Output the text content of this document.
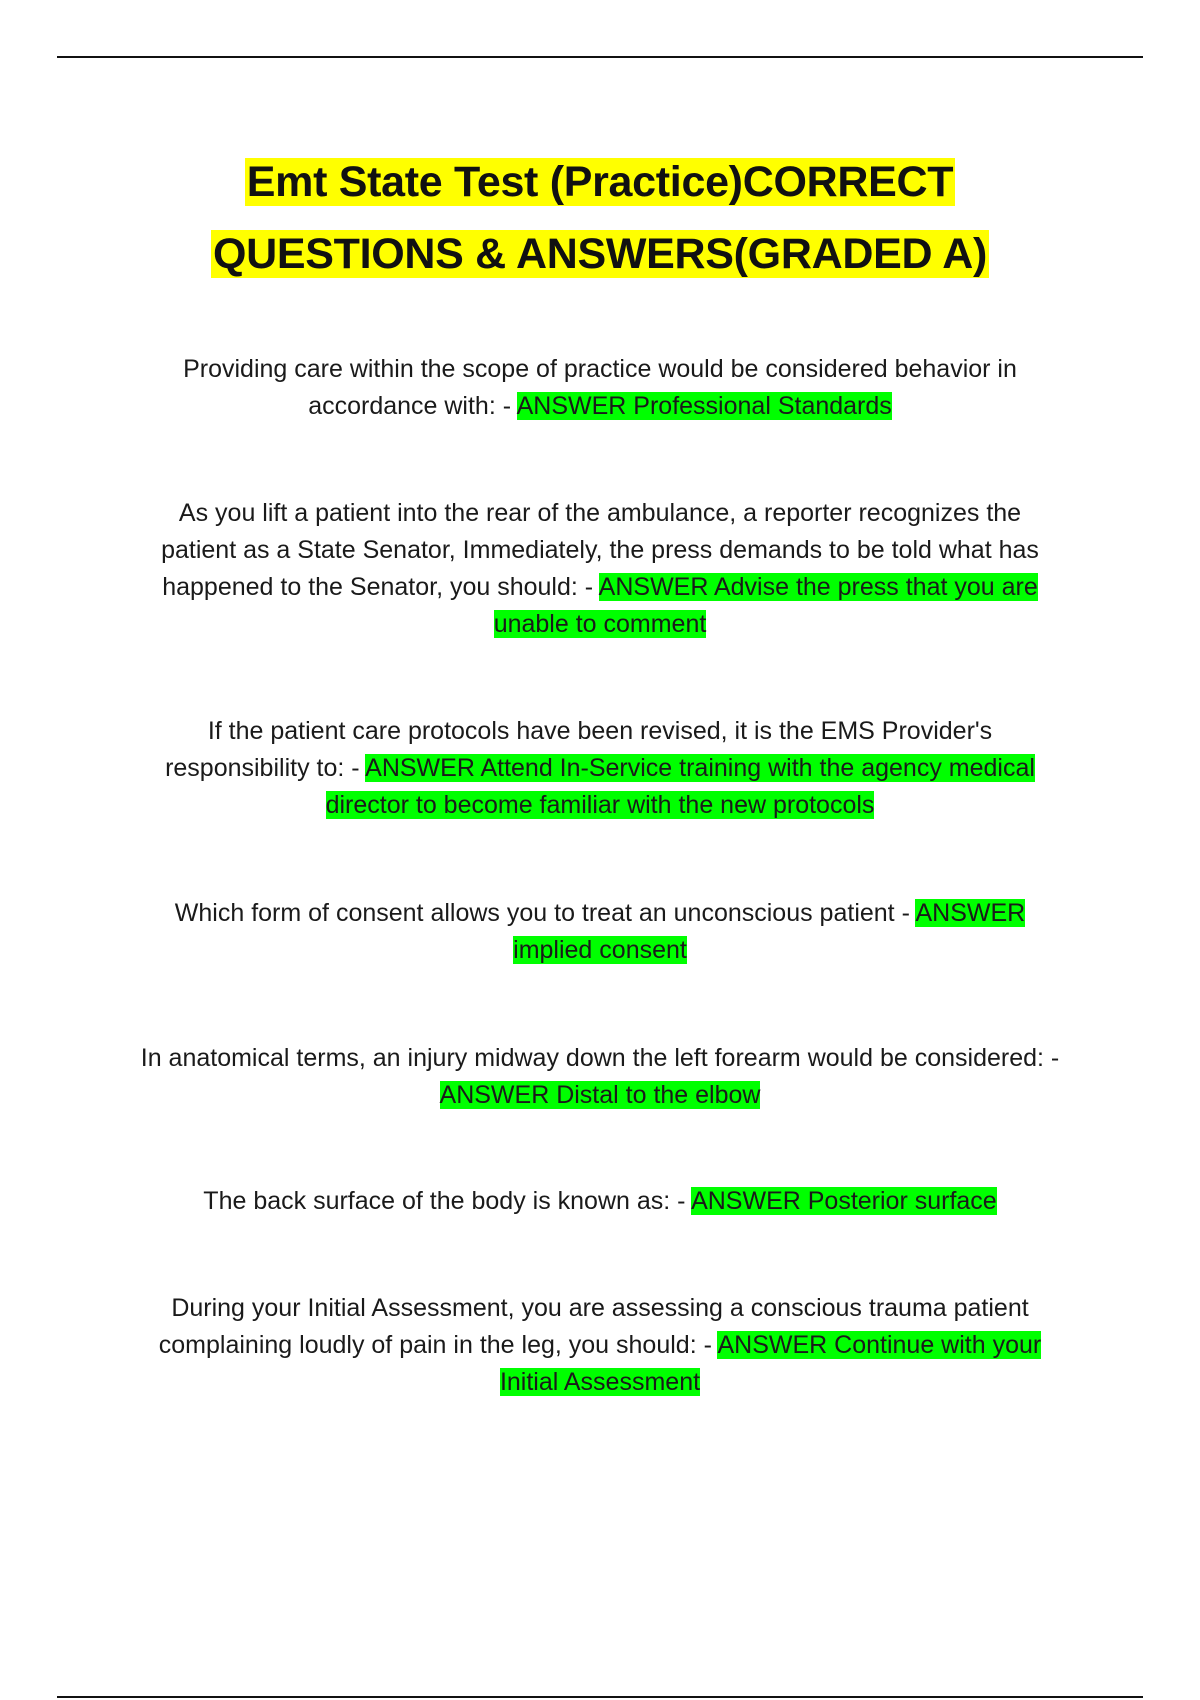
Emt State Test (Practice)CORRECT
QUESTIONS & ANSWERS(GRADED A)

Providing care within the scope of practice would be considered behavior in accordance with: - ANSWER Professional Standards

As you lift a patient into the rear of the ambulance, a reporter recognizes the patient as a State Senator, Immediately, the press demands to be told what has happened to the Senator, you should: - ANSWER Advise the press that you are unable to comment

If the patient care protocols have been revised, it is the EMS Provider's responsibility to: - ANSWER Attend In-Service training with the agency medical director to become familiar with the new protocols

Which form of consent allows you to treat an unconscious patient - ANSWER implied consent

In anatomical terms, an injury midway down the left forearm would be considered: - ANSWER Distal to the elbow

The back surface of the body is known as: - ANSWER Posterior surface

During your Initial Assessment, you are assessing a conscious trauma patient complaining loudly of pain in the leg, you should: - ANSWER Continue with your Initial Assessment
